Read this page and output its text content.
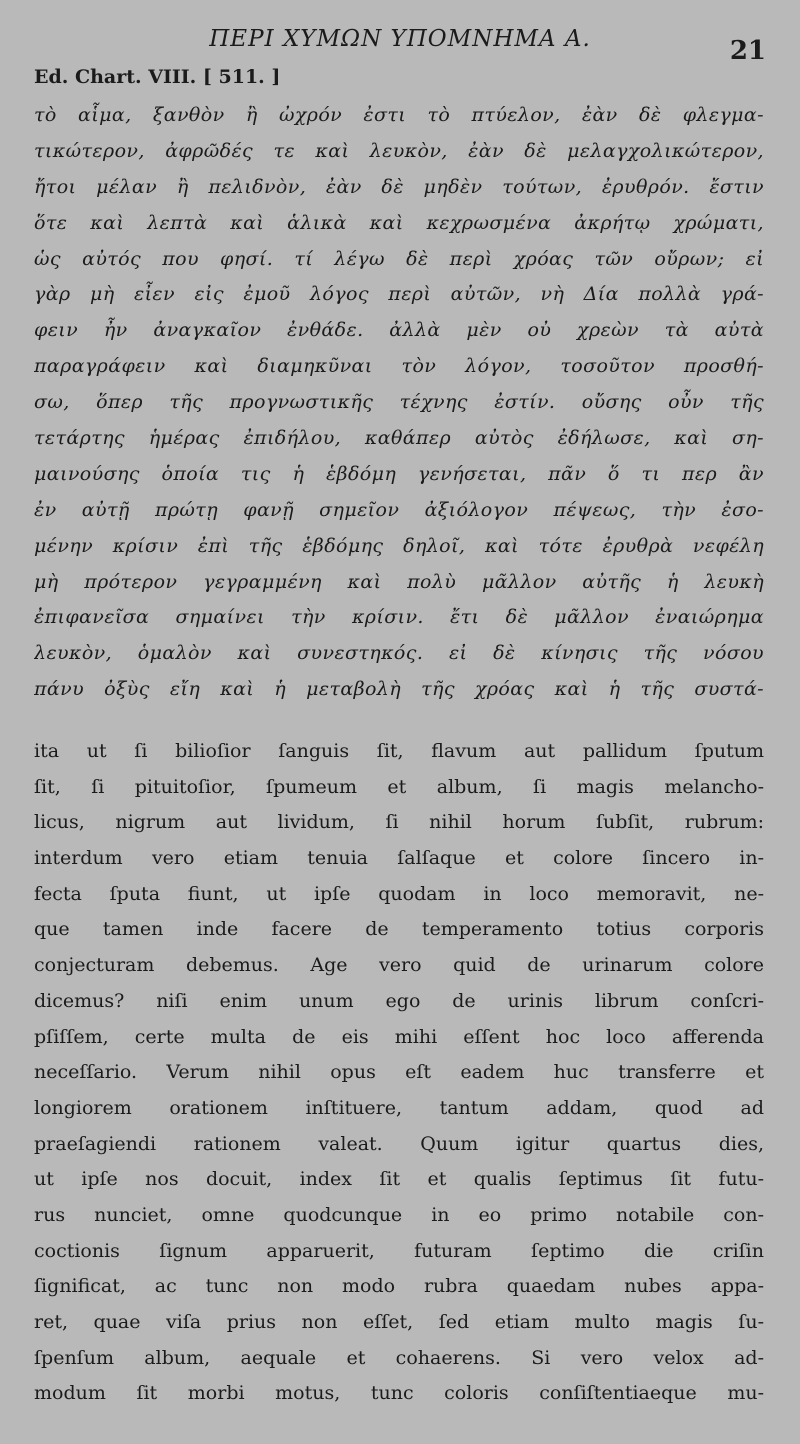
ΠΕΡΙ ΧΥΜΩΝ ΥΠΟΜΝΗΜΑ Α.	21
Ed. Chart. VIII. [ 511. ]
τὸ αἷμα, ξανθὸν ἢ ὠχρόν ἐστι τὸ πτύελον, ἐὰν δὲ φλεγμα-
τικώτερον, ἀφρῶδές τε καὶ λευκὸν, ἐὰν δὲ μελαγχολικώτερον,
ἤτοι μέλαν ἢ πελιδνὸν, ἐὰν δὲ μηδὲν τούτων, ἐρυθρόν. ἔστιν
ὅτε καὶ λεπτὰ καὶ ἁλικὰ καὶ κεχρωσμένα ἀκρήτῳ χρώματι,
ὡς αὐτός που φησί. τί λέγω δὲ περὶ χρόας τῶν οὔρων; εἰ
γὰρ μὴ εἶεν εἰς ἐμοῦ λόγος περὶ αὐτῶν, νὴ Δία πολλὰ γρά-
φειν ἦν ἀναγκαῖον ἐνθάδε. ἀλλὰ μὲν οὐ χρεὼν τὰ αὐτὰ
παραγράφειν καὶ διαμηκῦναι τὸν λόγον, τοσοῦτον προσθή-
σω, ὅπερ τῆς προγνωστικῆς τέχνης ἐστίν. οὔσης οὖν τῆς
τετάρτης ἡμέρας ἐπιδήλου, καθάπερ αὐτὸς ἐδήλωσε, καὶ ση-
μαινούσης ὁποία τις ἡ ἑβδόμη γενήσεται, πᾶν ὅ τι περ ἂν
ἐν αὐτῇ πρώτῃ φανῇ σημεῖον ἀξιόλογον πέψεως, τὴν ἐσο-
μένην κρίσιν ἐπὶ τῆς ἑβδόμης δηλοῖ, καὶ τότε ἐρυθρὰ νεφέλη
μὴ πρότερον γεγραμμένη καὶ πολὺ μᾶλλον αὐτῆς ἡ λευκὴ
ἐπιφανεῖσα σημαίνει τὴν κρίσιν. ἔτι δὲ μᾶλλον ἐναιώρημα
λευκὸν, ὁμαλὸν καὶ συνεστηκός. εἰ δὲ κίνησις τῆς νόσου
πάνυ ὀξὺς εἴη καὶ ἡ μεταβολὴ τῆς χρόας καὶ ἡ τῆς συστά-
ita ut ſi bilioſior ſanguis ſit, flavum aut pallidum ſputum
ſit, ſi pituitoſior, ſpumeum et album, ſi magis melancho-
licus, nigrum aut lividum, ſi nihil horum ſubſit, rubrum:
interdum vero etiam tenuia ſalſaque et colore ſincero in-
fecta ſputa fiunt, ut ipſe quodam in loco memoravit, ne-
que tamen inde facere de temperamento totius corporis
conjecturam debemus. Age vero quid de urinarum colore
dicemus? niſi enim unum ego de urinis librum conſcri-
pſiſſem, certe multa de eis mihi eſſent hoc loco afferenda
neceſſario. Verum nihil opus eſt eadem huc transferre et
longiorem orationem inſtituere, tantum addam, quod ad
praeſagiendi rationem valeat. Quum igitur quartus dies,
ut ipſe nos docuit, index ſit et qualis ſeptimus ſit futu-
rus nunciet, omne quodcunque in eo primo notabile con-
coctionis ſignum apparuerit, futuram ſeptimo die criſin
ſignificat, ac tunc non modo rubra quaedam nubes appa-
ret, quae viſa prius non eſſet, ſed etiam multo magis ſu-
ſpenſum album, aequale et cohaerens. Si vero velox ad-
modum ſit morbi motus, tunc coloris conſiſtentiaeque mu-
